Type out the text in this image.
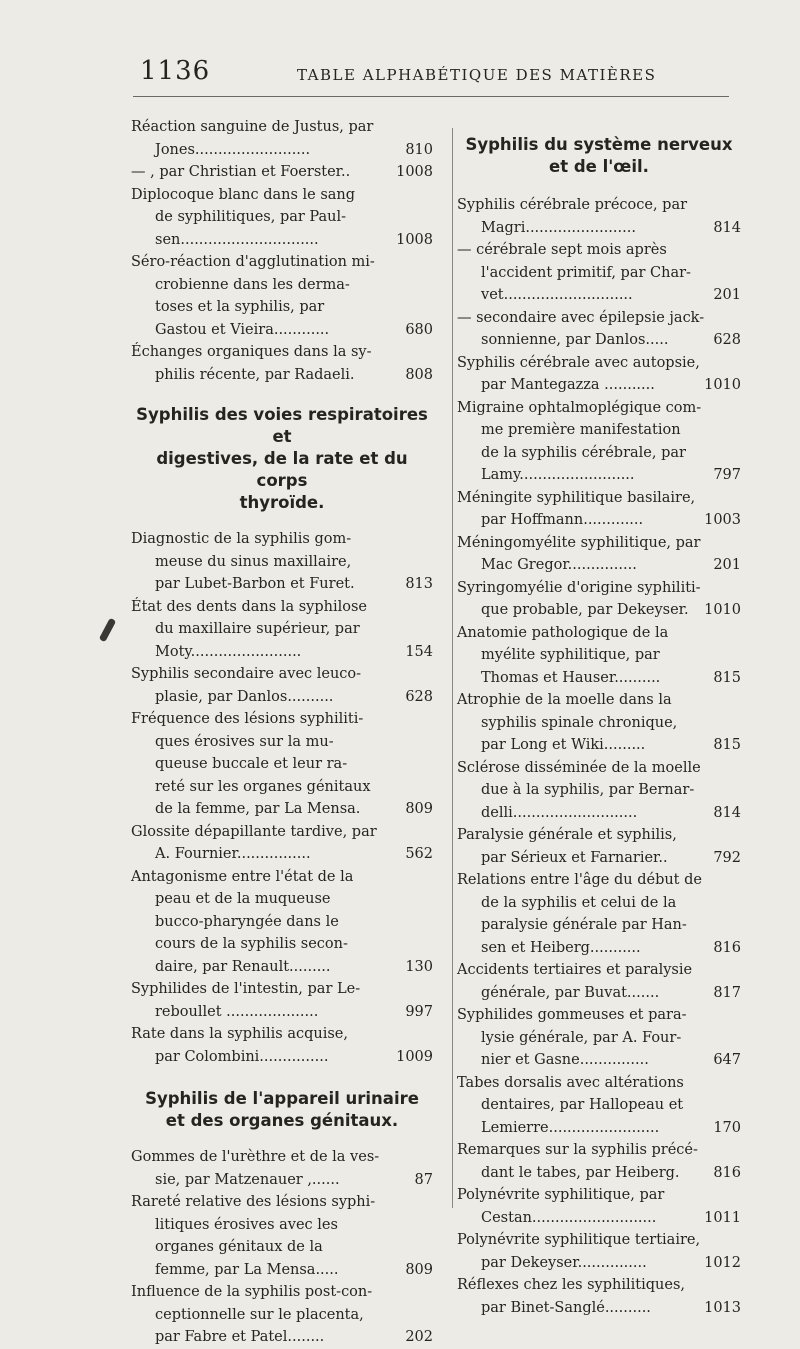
1136	TABLE ALPHABÉTIQUE DES MATIÈRES
Réaction sanguine de Justus, par
Jones.........................	810
— , par Christian et Foerster..	1008
Diplocoque blanc dans le sang
de syphilitiques, par Paul-
sen..............................	1008
Séro-réaction d'agglutination mi-
crobienne dans les derma-
toses et la syphilis, par
Gastou et Vieira............	680
Échanges organiques dans la sy-
philis récente, par Radaeli.	808
Syphilis des voies respiratoires et
digestives, de la rate et du corps
thyroïde.
Diagnostic de la syphilis gom-
meuse du sinus maxillaire,
par Lubet-Barbon et Furet.	813
État des dents dans la syphilose
du maxillaire supérieur, par
Moty........................	154
Syphilis secondaire avec leuco-
plasie, par Danlos..........	628
Fréquence des lésions syphiliti-
ques érosives sur la mu-
queuse buccale et leur ra-
reté sur les organes génitaux
de la femme, par La Mensa.	809
Glossite dépapillante tardive, par
A. Fournier................	562
Antagonisme entre l'état de la
peau et de la muqueuse
bucco-pharyngée dans le
cours de la syphilis secon-
daire, par Renault.........	130
Syphilides de l'intestin, par Le-
reboullet ....................	997
Rate dans la syphilis acquise,
par Colombini...............	1009
Syphilis de l'appareil urinaire
et des organes génitaux.
Gommes de l'urèthre et de la ves-
sie, par Matzenauer ,......	87
Rareté relative des lésions syphi-
litiques érosives avec les
organes génitaux de la
femme, par La Mensa.....	809
Influence de la syphilis post-con-
ceptionnelle sur le placenta,
par Fabre et Patel........	202
Syphilis du système nerveux
et de l'œil.
Syphilis cérébrale précoce, par
Magri........................	814
— cérébrale sept mois après
l'accident primitif, par Char-
vet............................	201
— secondaire avec épilepsie jack-
sonnienne, par Danlos.....	628
Syphilis cérébrale avec autopsie,
par Mantegazza ...........	1010
Migraine ophtalmoplégique com-
me première manifestation
de la syphilis cérébrale, par
Lamy.........................	797
Méningite syphilitique basilaire,
par Hoffmann.............	1003
Méningomyélite syphilitique, par
Mac Gregor...............	201
Syringomyélie d'origine syphiliti-
que probable, par Dekeyser. 1010
Anatomie pathologique de la
myélite syphilitique, par
Thomas et Hauser..........	815
Atrophie de la moelle dans la
syphilis spinale chronique,
par Long et Wiki.........	815
Sclérose disséminée de la moelle
due à la syphilis, par Bernar-
delli...........................	814
Paralysie générale et syphilis,
par Sérieux et Farnarier..	792
Relations entre l'âge du début de
de la syphilis et celui de la
paralysie générale par Han-
sen et Heiberg...........	816
Accidents tertiaires et paralysie
générale, par Buvat.......	817
Syphilides gommeuses et para-
lysie générale, par A. Four-
nier et Gasne...............	647
Tabes dorsalis avec altérations
dentaires, par Hallopeau et
Lemierre........................	170
Remarques sur la syphilis précé-
dant le tabes, par Heiberg. 816
Polynévrite syphilitique, par
Cestan...........................	1011
Polynévrite syphilitique tertiaire,
par Dekeyser...............	1012
Réflexes chez les syphilitiques,
par Binet-Sanglé..........	1013
